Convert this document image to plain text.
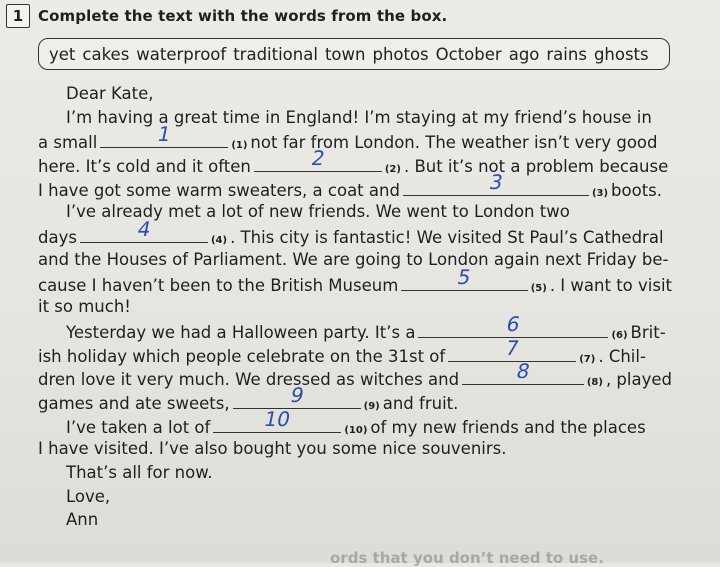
1 Complete the text with the words from the box.
yet cakes waterproof traditional town photos October ago rains ghosts
Dear Kate,
I’m having a great time in England! I’m staying at my friend’s house in
a small	1	$_{(1)}$ not far from London. The weather isn’t very good
here. It’s cold and it often	2	$_{(2)}$ . But it’s not a problem because
I have got some warm sweaters, a coat and	3	$_{(3)}$ boots.
I’ve already met a lot of new friends. We went to London two
days	4	$_{(4)}$ . This city is fantastic! We visited St Paul’s Cathedral
and the Houses of Parliament. We are going to London again next Friday be-
cause I haven’t been to the British Museum	5	$_{(5)}$ . I want to visit
it so much!
Yesterday we had a Halloween party. It’s a	6	$_{(6)}$ Brit-
ish holiday which people celebrate on the 31st of	7	$_{(7)}$ . Chil-
dren love it very much. We dressed as witches and	8	$_{(8)}$ , played
games and ate sweets,	9	$_{(9)}$ and fruit.
I’ve taken a lot of	10	$_{(10)}$ of my new friends and the places
I have visited. I’ve also bought you some nice souvenirs.
That’s all for now.
Love,
Ann
ords that you don’t need to use.
